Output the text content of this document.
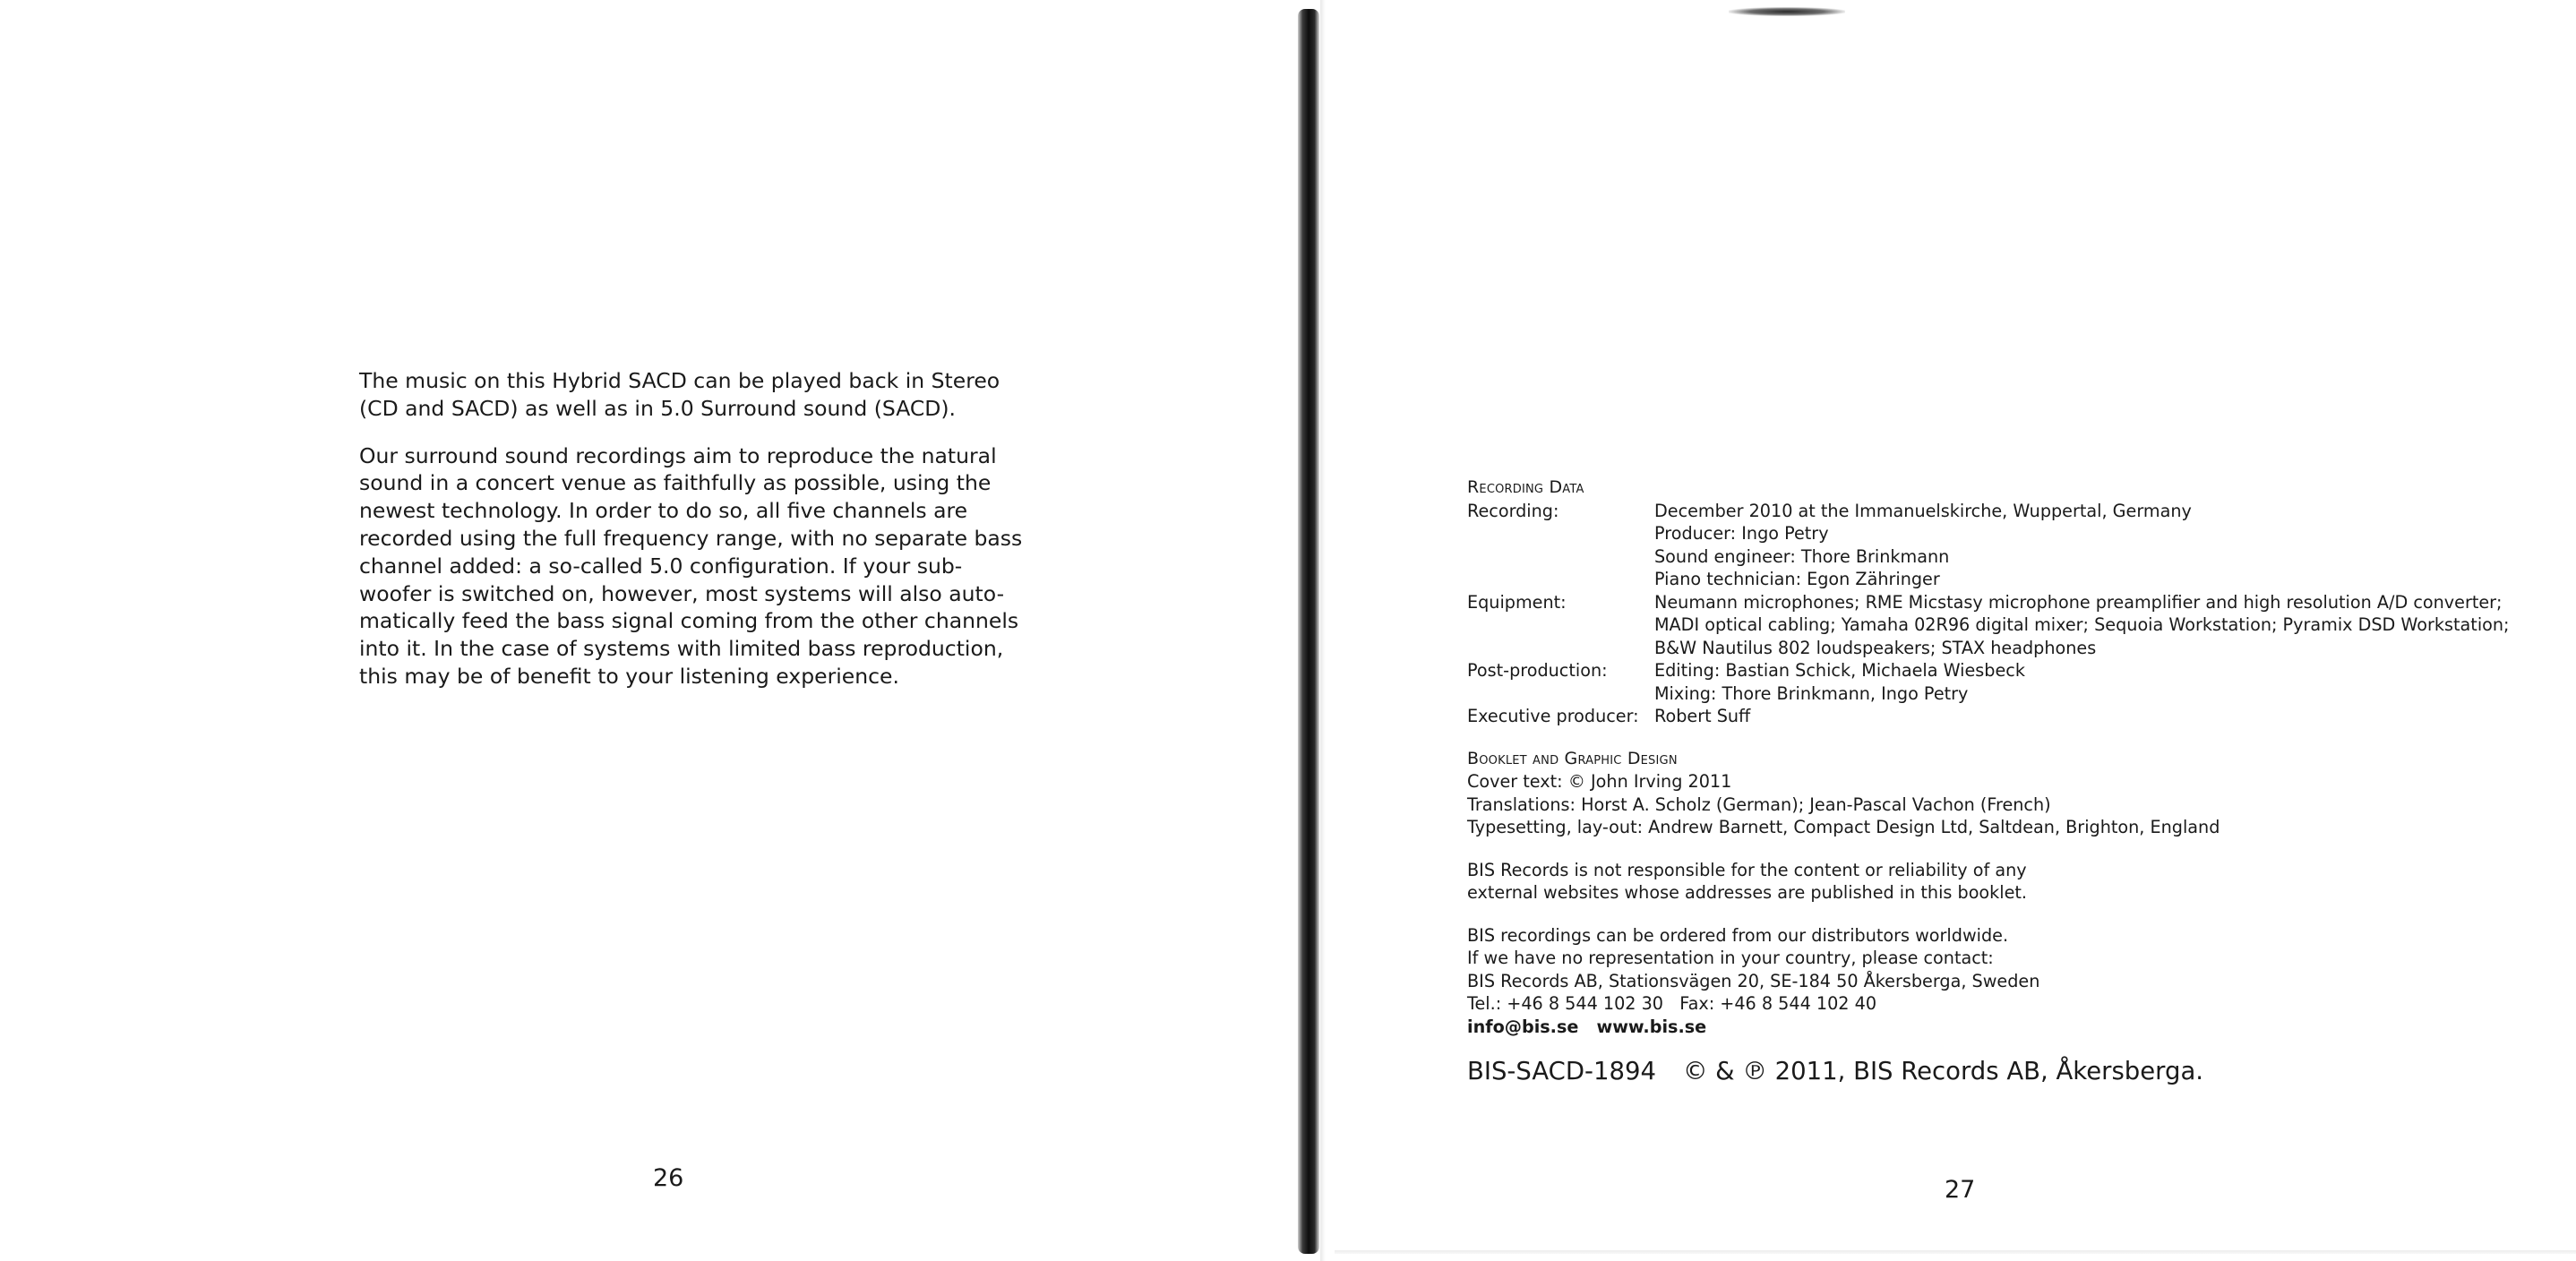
The music on this Hybrid SACD can be played back in Stereo
(CD and SACD) as well as in 5.0 Surround sound (SACD).

Our surround sound recordings aim to reproduce the natural
sound in a concert venue as faithfully as possible, using the
newest technology. In order to do so, all five channels are
recorded using the full frequency range, with no separate bass
channel added: a so-called 5.0 configuration. If your sub-
woofer is switched on, however, most systems will also auto-
matically feed the bass signal coming from the other channels
into it. In the case of systems with limited bass reproduction,
this may be of benefit to your listening experience.

26
Recording Data
Recording:	December 2010 at the Immanuelskirche, Wuppertal, Germany
Producer: Ingo Petry
Sound engineer: Thore Brinkmann
Piano technician: Egon Zähringer
Equipment:	Neumann microphones; RME Micstasy microphone preamplifier and high resolution A/D converter;
MADI optical cabling; Yamaha 02R96 digital mixer; Sequoia Workstation; Pyramix DSD Workstation;
B&W Nautilus 802 loudspeakers; STAX headphones
Post-production:	Editing: Bastian Schick, Michaela Wiesbeck
Mixing: Thore Brinkmann, Ingo Petry
Executive producer: Robert Suff
Booklet and Graphic Design
Cover text: © John Irving 2011
Translations: Horst A. Scholz (German); Jean-Pascal Vachon (French)
Typesetting, lay-out: Andrew Barnett, Compact Design Ltd, Saltdean, Brighton, England
BIS Records is not responsible for the content or reliability of any
external websites whose addresses are published in this booklet.
BIS recordings can be ordered from our distributors worldwide.
If we have no representation in your country, please contact:
BIS Records AB, Stationsvägen 20, SE-184 50 Åkersberga, Sweden
Tel.: +46 8 544 102 30   Fax: +46 8 544 102 40
info@bis.se www.bis.se
BIS-SACD-1894 © & ℗ 2011, BIS Records AB, Åkersberga.
27
